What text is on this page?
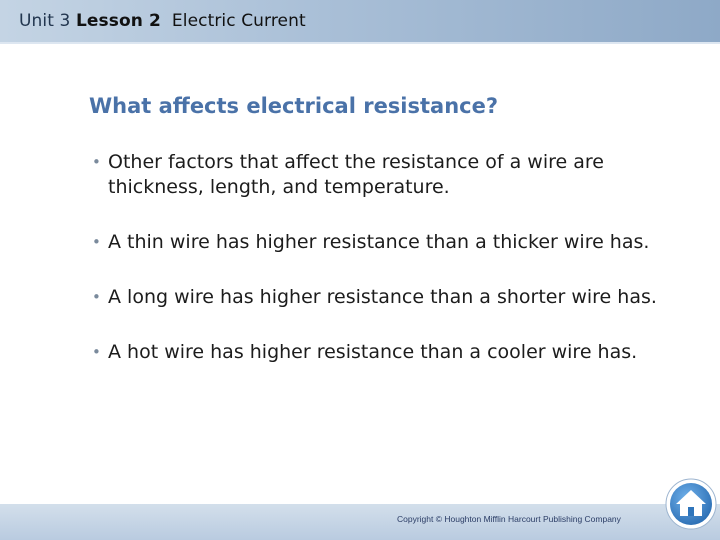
Unit 3 Lesson 2 Electric Current
What affects electrical resistance?
• Other factors that affect the resistance of a wire are thickness, length, and temperature.
• A thin wire has higher resistance than a thicker wire has.
• A long wire has higher resistance than a shorter wire has.
• A hot wire has higher resistance than a cooler wire has.
Copyright © Houghton Mifflin Harcourt Publishing Company
